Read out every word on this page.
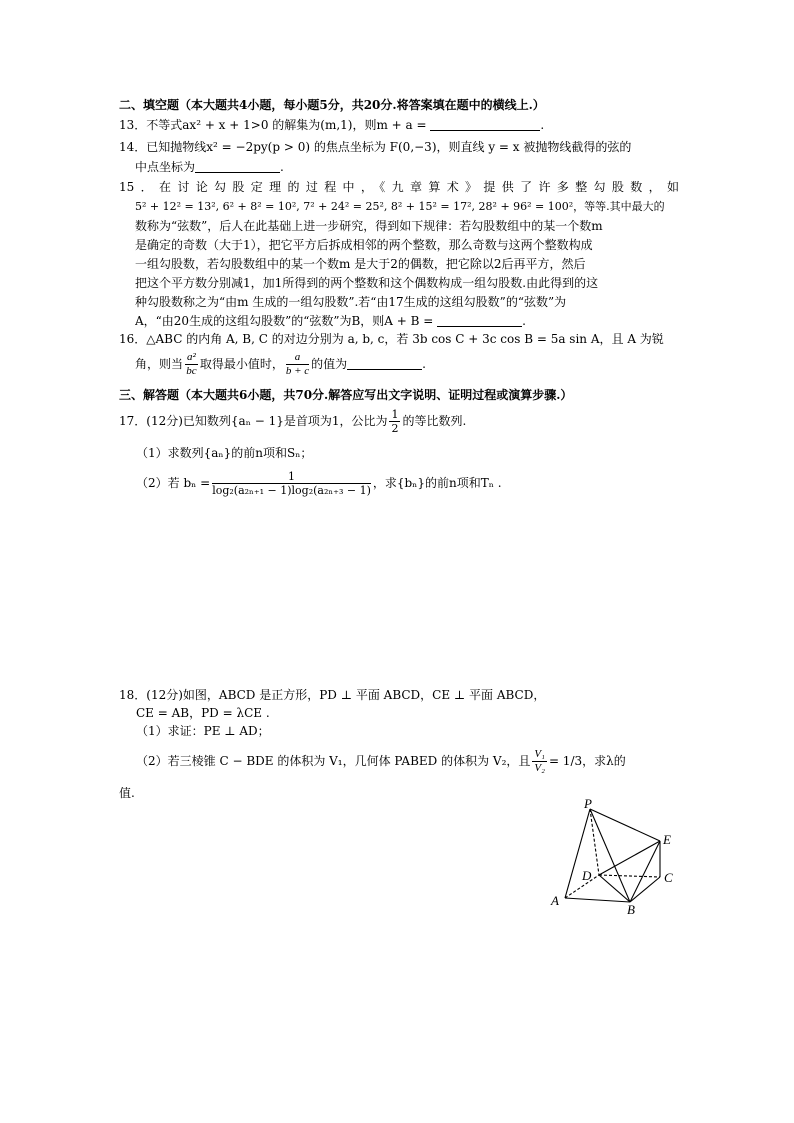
二、填空题（本大题共4小题，每小题5分，共20分.将答案填在题中的横线上.）
13．不等式ax² + x + 1>0 的解集为(m,1)，则m + a =	.
14．已知抛物线x² = −2py(p > 0) 的焦点坐标为 F(0,−3)，则直线 y = x 被抛物线截得的弦的
中点坐标为	.
15．在讨论勾股定理的过程中，《九章算术》提供了许多整勾股数，如
5² + 12² = 13², 6² + 8² = 10², 7² + 24² = 25², 8² + 15² = 17², 28² + 96² = 100²，等等.其中最大的
数称为“弦数”，后人在此基础上进一步研究，得到如下规律：若勾股数组中的某一个数m
是确定的奇数（大于1），把它平方后拆成相邻的两个整数，那么奇数与这两个整数构成
一组勾股数，若勾股数组中的某一个数m 是大于2的偶数，把它除以2后再平方，然后
把这个平方数分别减1，加1所得到的两个整数和这个偶数构成一组勾股数.由此得到的这
种勾股数称之为“由m 生成的一组勾股数”.若“由17生成的这组勾股数”的“弦数”为
A，“由20生成的这组勾股数”的“弦数”为B，则A + B =	.
16．△ABC 的内角 A, B, C 的对边分别为 a, b, c，若 3b cos C + 3c cos B = 5a sin A，且 A 为锐
角，则当 $\frac{\text{a²}}{bc}$ 取得最小值时， $\frac{a}{b + c}$ 的值为	.
三、解答题（本大题共6小题，共70分.解答应写出文字说明、证明过程或演算步骤.）
17．(12分)已知数列{aₙ − 1}是首项为1，公比为 $\frac{1}{2}$ 的等比数列.
（1）求数列{aₙ}的前n项和Sₙ；
（2）若 $b_n = \frac{1}{\text{log₂(a₂ₙ₊₁ − 1)log₂(a₂ₙ₊₃ − 1)}}$ ，求{bₙ}的前n项和Tₙ .
18．(12分)如图，ABCD 是正方形，PD ⊥ 平面 ABCD，CE ⊥ 平面 ABCD，
CE = AB，PD = λCE .
（1）求证：PE ⊥ AD；
（2）若三棱锥 C − BDE 的体积为 V₁，几何体 PABED 的体积为 V₂，且 $\frac{\text{V₁}}{\text{V₂}} = 1/3$，求λ的
值.
P
E
D	C
A
B
